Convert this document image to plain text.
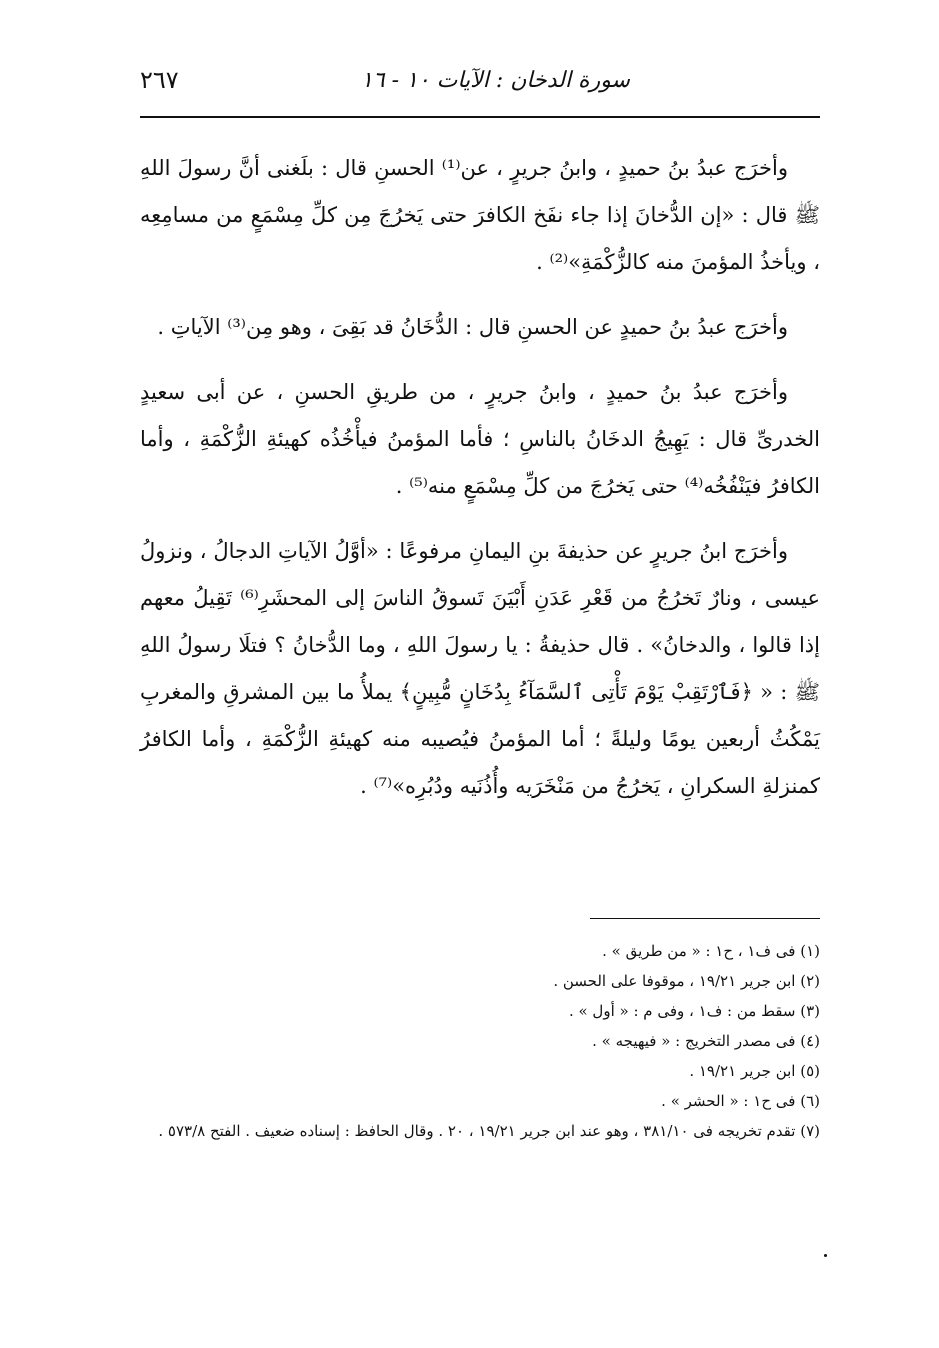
سورة الدخان : الآيات ١٠ - ١٦
٢٦٧

وأخرَج عبدُ بنُ حميدٍ ، وابنُ جريرٍ ، عن⁽¹⁾ الحسنِ قال : بلَغنى أنَّ رسولَ اللهِ ﷺ قال : «إن الدُّخانَ إذا جاء نفَخ الكافرَ حتى يَخرُجَ مِن كلِّ مِسْمَعٍ من مسامِعِه ، ويأخذُ المؤمنَ منه كالزُّكْمَةِ»⁽²⁾ .

وأخرَج عبدُ بنُ حميدٍ عن الحسنِ قال : الدُّخَانُ قد بَقِىَ ، وهو مِن⁽³⁾ الآياتِ .

وأخرَج عبدُ بنُ حميدٍ ، وابنُ جريرٍ ، من طريقِ الحسنِ ، عن أبى سعيدٍ الخدرىِّ قال : يَهِيجُ الدخَانُ بالناسِ ؛ فأما المؤمنُ فيأْخُذُه كهيئةِ الزُّكْمَةِ ، وأما الكافرُ فيَنْفُخُه⁽⁴⁾ حتى يَخرُجَ من كلِّ مِسْمَعٍ منه⁽⁵⁾ .

وأخرَج ابنُ جريرٍ عن حذيفةَ بنِ اليمانِ مرفوعًا : «أوَّلُ الآياتِ الدجالُ ، ونزولُ عيسى ، ونارٌ تَخرُجُ من قَعْرِ عَدَنِ أَبْيَنَ تَسوقُ الناسَ إلى المحشَرِ⁽⁶⁾ تَقِيلُ معهم إذا قالوا ، والدخانُ» . قال حذيفةُ : يا رسولَ اللهِ ، وما الدُّخانُ ؟ فتلَا رسولُ اللهِ ﷺ : « ﴿فَٱرْتَقِبْ يَوْمَ تَأْتِى ٱلسَّمَآءُ بِدُخَانٍ مُّبِينٍ﴾ يملأُ ما بين المشرقِ والمغربِ يَمْكُثُ أربعين يومًا وليلةً ؛ أما المؤمنُ فيُصيبه منه كهيئةِ الزُّكْمَةِ ، وأما الكافرُ كمنزلةِ السكرانِ ، يَخرُجُ من مَنْخَرَيه وأُذُنَيه ودُبُرِه»⁽⁷⁾ .

(١) فى ف١ ، ح١ : « من طريق » .
(٢) ابن جرير ١٩/٢١ ، موقوفا على الحسن .
(٣) سقط من : ف١ ، وفى م : « أول » .
(٤) فى مصدر التخريج : « فيهيجه » .
(٥) ابن جرير ١٩/٢١ .
(٦) فى ح١ : « الحشر » .
(٧) تقدم تخريجه فى ٣٨١/١٠ ، وهو عند ابن جرير ١٩/٢١ ، ٢٠ . وقال الحافظ : إسناده ضعيف . الفتح ٥٧٣/٨ .
